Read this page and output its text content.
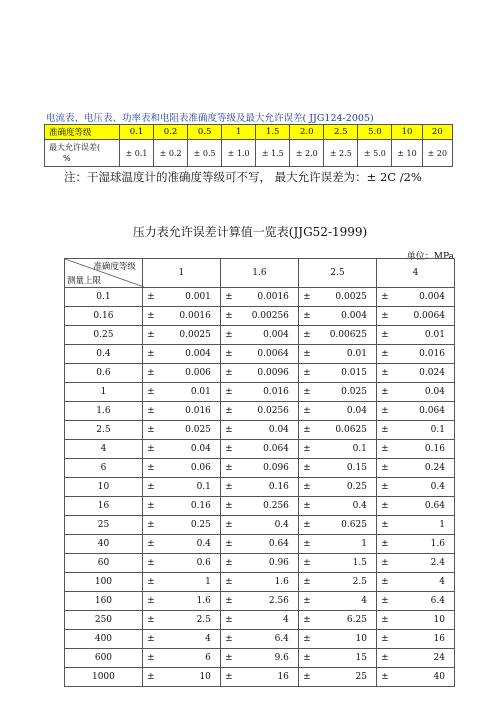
电流表、电压表、功率表和电阻表准确度等级及最大允许误差( JJG124-2005)
准确度等级	0.1	0.2	0.5	1	1.5	2.0	2.5	5.0	10	20

最大允许误差(
%	± 0.1	± 0.2	± 0.5	± 1.0	± 1.5	± 2.0	± 2.5	± 5.0	± 10	± 20
注：干湿球温度计的准确度等级可不写， 最大允许误差为：± 2C /2%
压力表允许误差计算值一览表(JJG52-1999)
单位：MPa
准确度等级
测量上限	1	1.6	2.5	4
0.1	± 0.001	± 0.0016	± 0.0025	± 0.004
0.16	± 0.0016	± 0.00256	± 0.004	± 0.0064
0.25	± 0.0025	± 0.004	± 0.00625	± 0.01
0.4	± 0.004	± 0.0064	± 0.01	± 0.016
0.6	± 0.006	± 0.0096	± 0.015	± 0.024
1	± 0.01	± 0.016	± 0.025	± 0.04
1.6	± 0.016	± 0.0256	± 0.04	± 0.064
2.5	± 0.025	± 0.04	± 0.0625	± 0.1
4	± 0.04	± 0.064	± 0.1	± 0.16
6	± 0.06	± 0.096	± 0.15	± 0.24
10	± 0.1	± 0.16	± 0.25	± 0.4
16	± 0.16	± 0.256	± 0.4	± 0.64
25	± 0.25	± 0.4	± 0.625	± 1
40	± 0.4	± 0.64	± 1	± 1.6
60	± 0.6	± 0.96	± 1.5	± 2.4
100	± 1	± 1.6	± 2.5	± 4
160	± 1.6	± 2.56	± 4	± 6.4
250	± 2.5	± 4	± 6.25	± 10
400	± 4	± 6.4	± 10	± 16
600	± 6	± 9.6	± 15	± 24
1000	± 10	± 16	± 25	± 40
